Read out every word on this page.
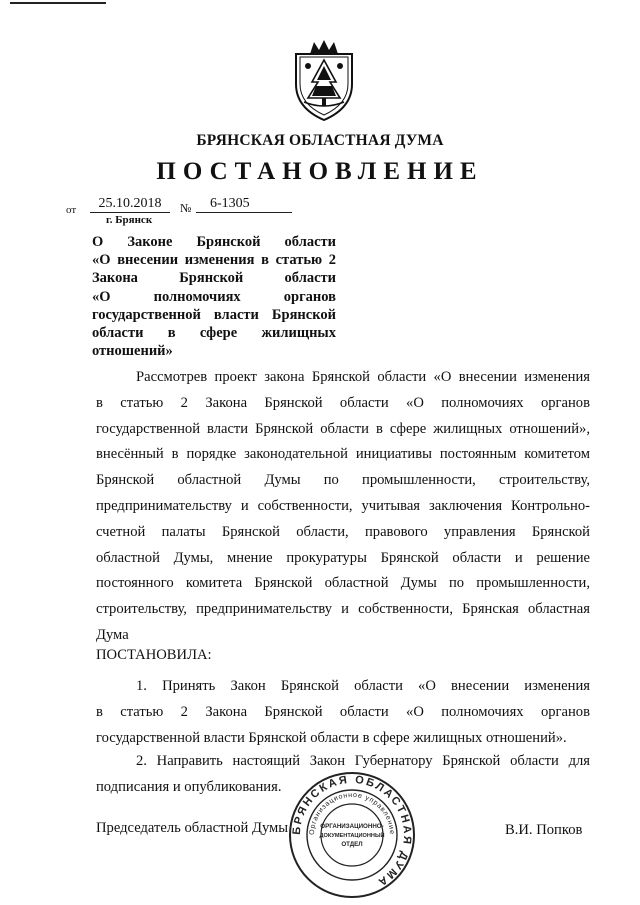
БРЯНСКАЯ ОБЛАСТНАЯ ДУМА
ПОСТАНОВЛЕНИЕ
от	25.10.2018	№	6-1305
г. Брянск
О Законе Брянской области
«О внесении изменения в статью 2
Закона Брянской области
«О полномочиях органов
государственной власти Брянской
области в сфере жилищных
отношений»
Рассмотрев проект закона Брянской области «О внесении изменения
в статью 2 Закона Брянской области «О полномочиях органов
государственной власти Брянской области в сфере жилищных отношений»,
внесённый в порядке законодательной инициативы постоянным комитетом
Брянской областной Думы по промышленности, строительству,
предпринимательству и собственности, учитывая заключения Контрольно-
счетной палаты Брянской области, правового управления Брянской
областной Думы, мнение прокуратуры Брянской области и решение
постоянного комитета Брянской областной Думы по промышленности,
строительству, предпринимательству и собственности, Брянская областная
Дума
ПОСТАНОВИЛА:
1. Принять Закон Брянской области «О внесении изменения
в статью 2 Закона Брянской области «О полномочиях органов
государственной власти Брянской области в сфере жилищных отношений».
2. Направить настоящий Закон Губернатору Брянской области для
подписания и опубликования.
Председатель областной Думы	В.И. Попков
БРЯНСКАЯ ОБЛАСТНАЯ ДУМА
Организационное управление
ОРГАНИЗАЦИОННО-
ДОКУМЕНТАЦИОННЫЙ
ОТДЕЛ
